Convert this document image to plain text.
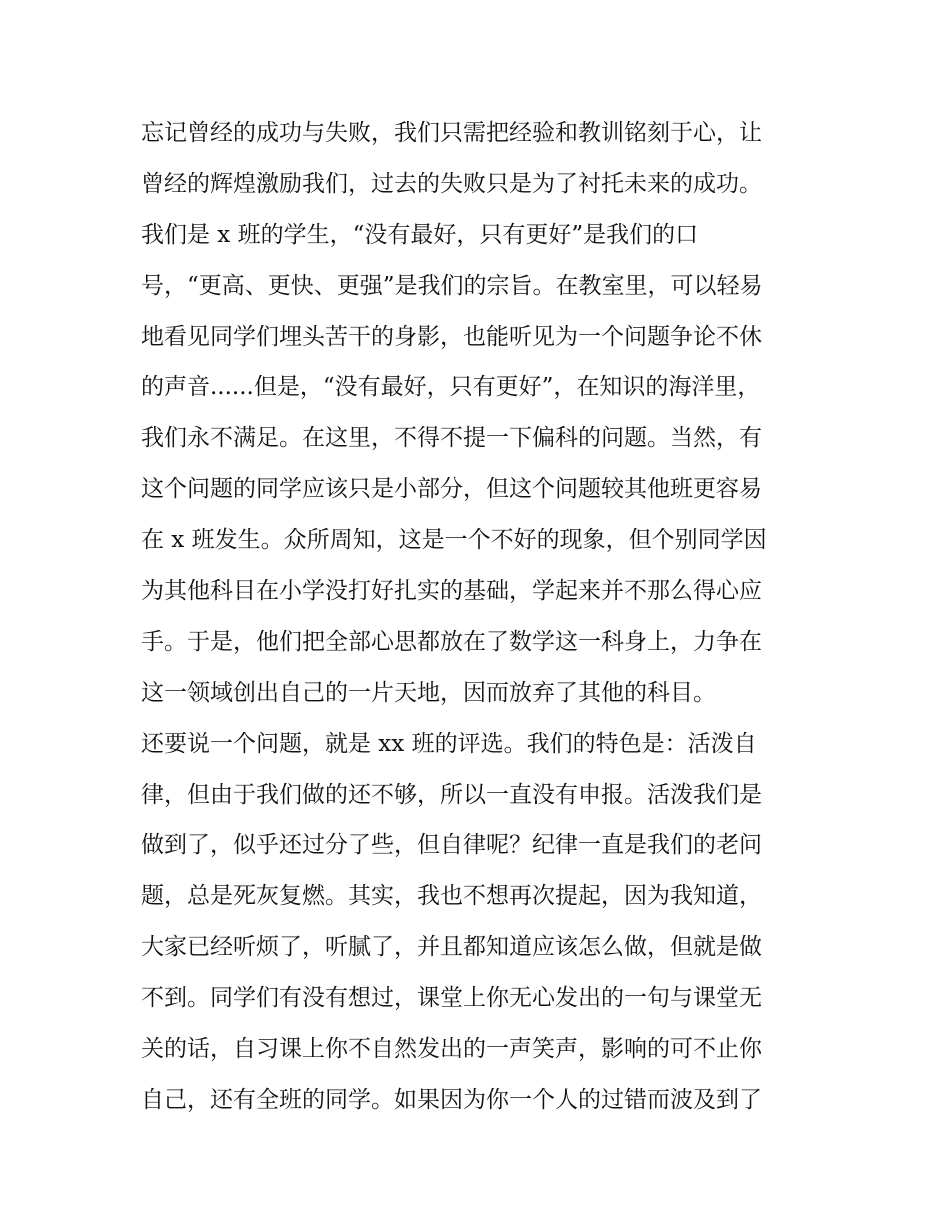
忘记曾经的成功与失败，我们只需把经验和教训铭刻于心，让
曾经的辉煌激励我们，过去的失败只是为了衬托未来的成功。
我们是 x 班的学生，“没有最好，只有更好”是我们的口
号，“更高、更快、更强”是我们的宗旨。在教室里，可以轻易
地看见同学们埋头苦干的身影，也能听见为一个问题争论不休
的声音......但是，“没有最好，只有更好”，在知识的海洋里，
我们永不满足。在这里，不得不提一下偏科的问题。当然，有
这个问题的同学应该只是小部分，但这个问题较其他班更容易
在 x 班发生。众所周知，这是一个不好的现象，但个别同学因
为其他科目在小学没打好扎实的基础，学起来并不那么得心应
手。于是，他们把全部心思都放在了数学这一科身上，力争在
这一领域创出自己的一片天地，因而放弃了其他的科目。
还要说一个问题，就是 xx 班的评选。我们的特色是：活泼自
律，但由于我们做的还不够，所以一直没有申报。活泼我们是
做到了，似乎还过分了些，但自律呢？纪律一直是我们的老问
题，总是死灰复燃。其实，我也不想再次提起，因为我知道，
大家已经听烦了，听腻了，并且都知道应该怎么做，但就是做
不到。同学们有没有想过，课堂上你无心发出的一句与课堂无
关的话，自习课上你不自然发出的一声笑声，影响的可不止你
自己，还有全班的同学。如果因为你一个人的过错而波及到了
